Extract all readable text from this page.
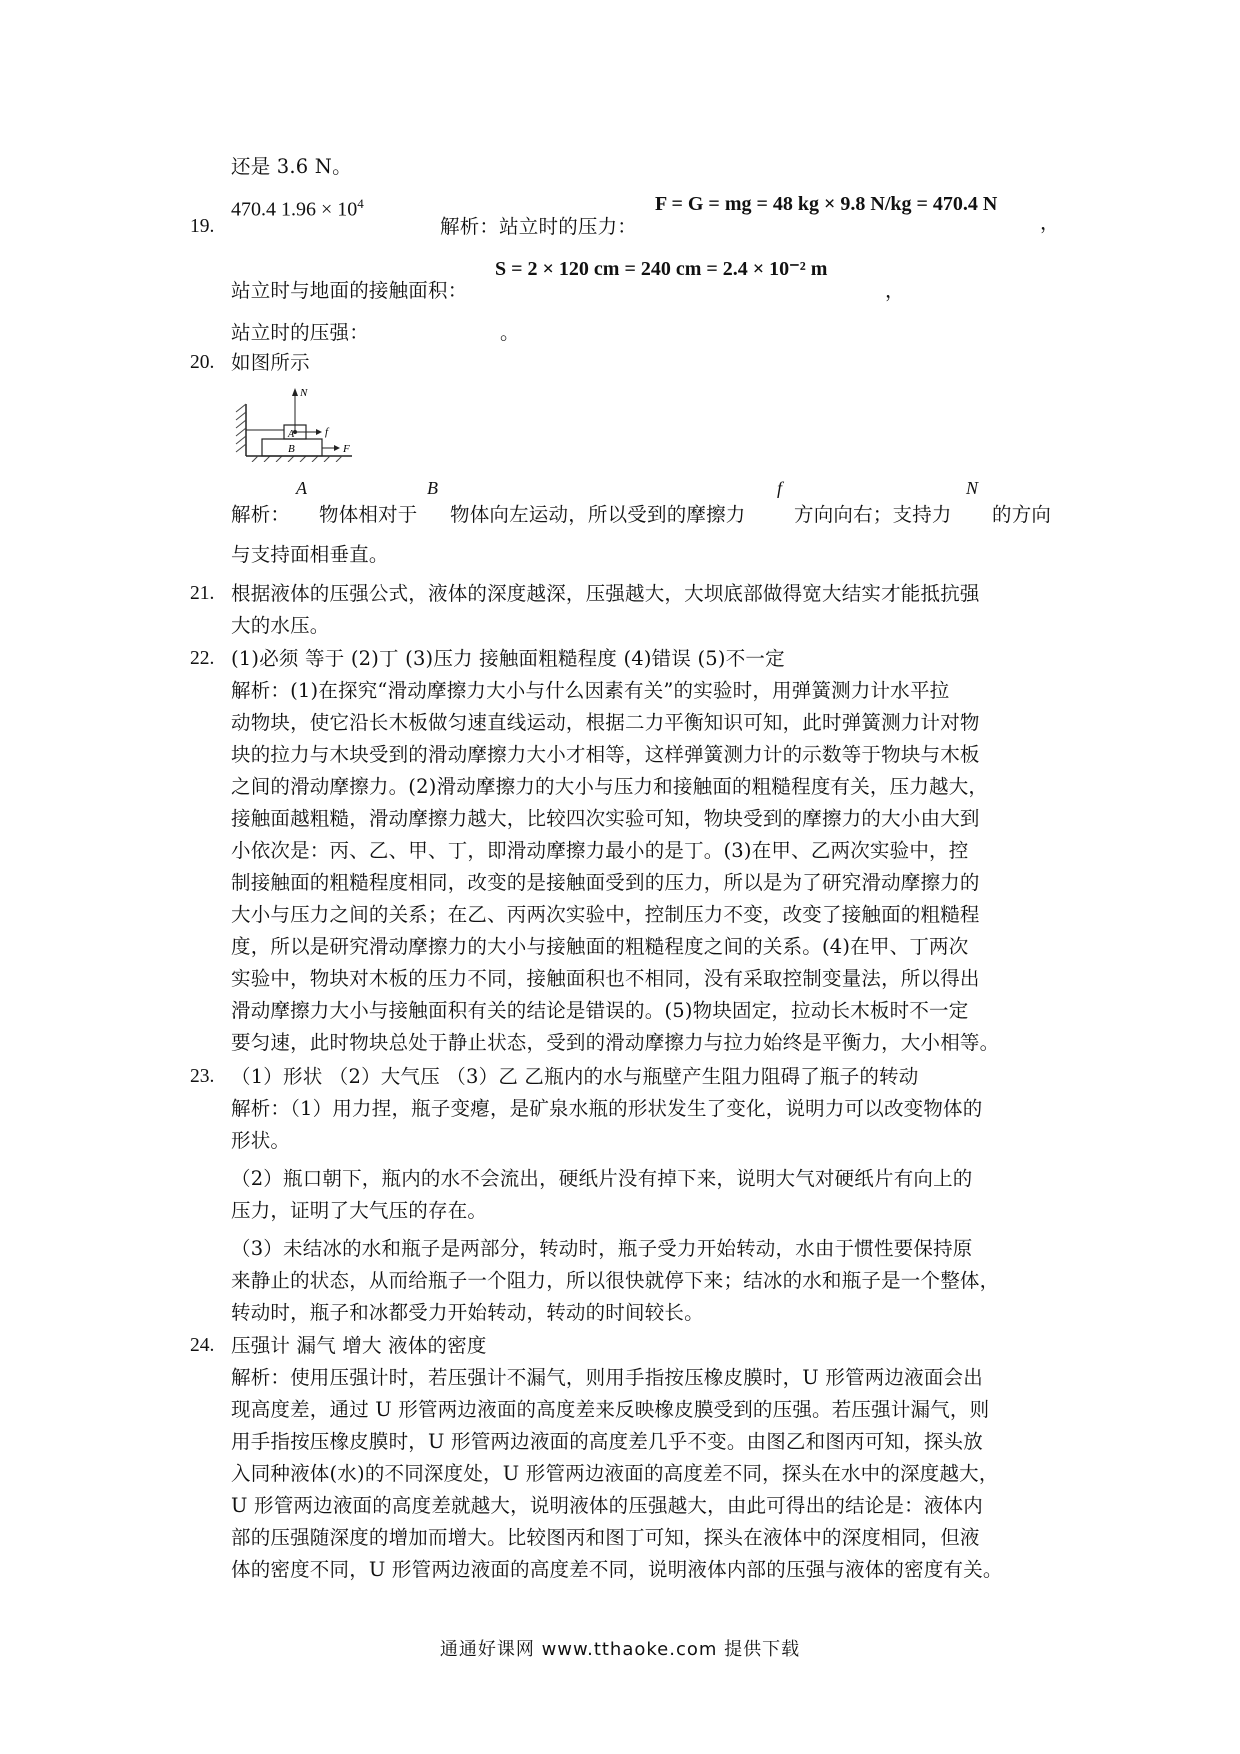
还是 3.6 N。
19.
470.4 $1.96 \times 10^4$
解析：站立时的压力：
F = G = mg = 48 kg × 9.8 N/kg = 470.4 N
，
S = 2 × 120 cm = 240 cm = 2.4 × 10⁻² m
站立时与地面的接触面积：	，
站立时的压强：	。
20. 如图所示
N
A	f
B	F
解析：
A
物体相对于
B
物体向左运动，所以受到的摩擦力
f
方向向右；支持力
N
的方向
与支持面相垂直。
21. 根据液体的压强公式，液体的深度越深，压强越大，大坝底部做得宽大结实才能抵抗强
大的水压。
22. (1)必须 等于 (2)丁 (3)压力 接触面粗糙程度 (4)错误 (5)不一定
解析：(1)在探究“滑动摩擦力大小与什么因素有关”的实验时，用弹簧测力计水平拉
动物块，使它沿长木板做匀速直线运动，根据二力平衡知识可知，此时弹簧测力计对物
块的拉力与木块受到的滑动摩擦力大小才相等，这样弹簧测力计的示数等于物块与木板
之间的滑动摩擦力。(2)滑动摩擦力的大小与压力和接触面的粗糙程度有关，压力越大，
接触面越粗糙，滑动摩擦力越大，比较四次实验可知，物块受到的摩擦力的大小由大到
小依次是：丙、乙、甲、丁，即滑动摩擦力最小的是丁。(3)在甲、乙两次实验中，控
制接触面的粗糙程度相同，改变的是接触面受到的压力，所以是为了研究滑动摩擦力的
大小与压力之间的关系；在乙、丙两次实验中，控制压力不变，改变了接触面的粗糙程
度，所以是研究滑动摩擦力的大小与接触面的粗糙程度之间的关系。(4)在甲、丁两次
实验中，物块对木板的压力不同，接触面积也不相同，没有采取控制变量法，所以得出
滑动摩擦力大小与接触面积有关的结论是错误的。(5)物块固定，拉动长木板时不一定
要匀速，此时物块总处于静止状态，受到的滑动摩擦力与拉力始终是平衡力，大小相等。
23. （1）形状 （2）大气压 （3）乙 乙瓶内的水与瓶壁产生阻力阻碍了瓶子的转动
解析：（1）用力捏，瓶子变瘪，是矿泉水瓶的形状发生了变化，说明力可以改变物体的
形状。
（2）瓶口朝下，瓶内的水不会流出，硬纸片没有掉下来，说明大气对硬纸片有向上的
压力，证明了大气压的存在。
（3）未结冰的水和瓶子是两部分，转动时，瓶子受力开始转动，水由于惯性要保持原
来静止的状态，从而给瓶子一个阻力，所以很快就停下来；结冰的水和瓶子是一个整体，
转动时，瓶子和冰都受力开始转动，转动的时间较长。
24. 压强计 漏气 增大 液体的密度
解析：使用压强计时，若压强计不漏气，则用手指按压橡皮膜时，U 形管两边液面会出
现高度差，通过 U 形管两边液面的高度差来反映橡皮膜受到的压强。若压强计漏气，则
用手指按压橡皮膜时，U 形管两边液面的高度差几乎不变。由图乙和图丙可知，探头放
入同种液体(水)的不同深度处，U 形管两边液面的高度差不同，探头在水中的深度越大，
U 形管两边液面的高度差就越大，说明液体的压强越大，由此可得出的结论是：液体内
部的压强随深度的增加而增大。比较图丙和图丁可知，探头在液体中的深度相同，但液
体的密度不同，U 形管两边液面的高度差不同，说明液体内部的压强与液体的密度有关。
通通好课网 www.tthaoke.com 提供下载
